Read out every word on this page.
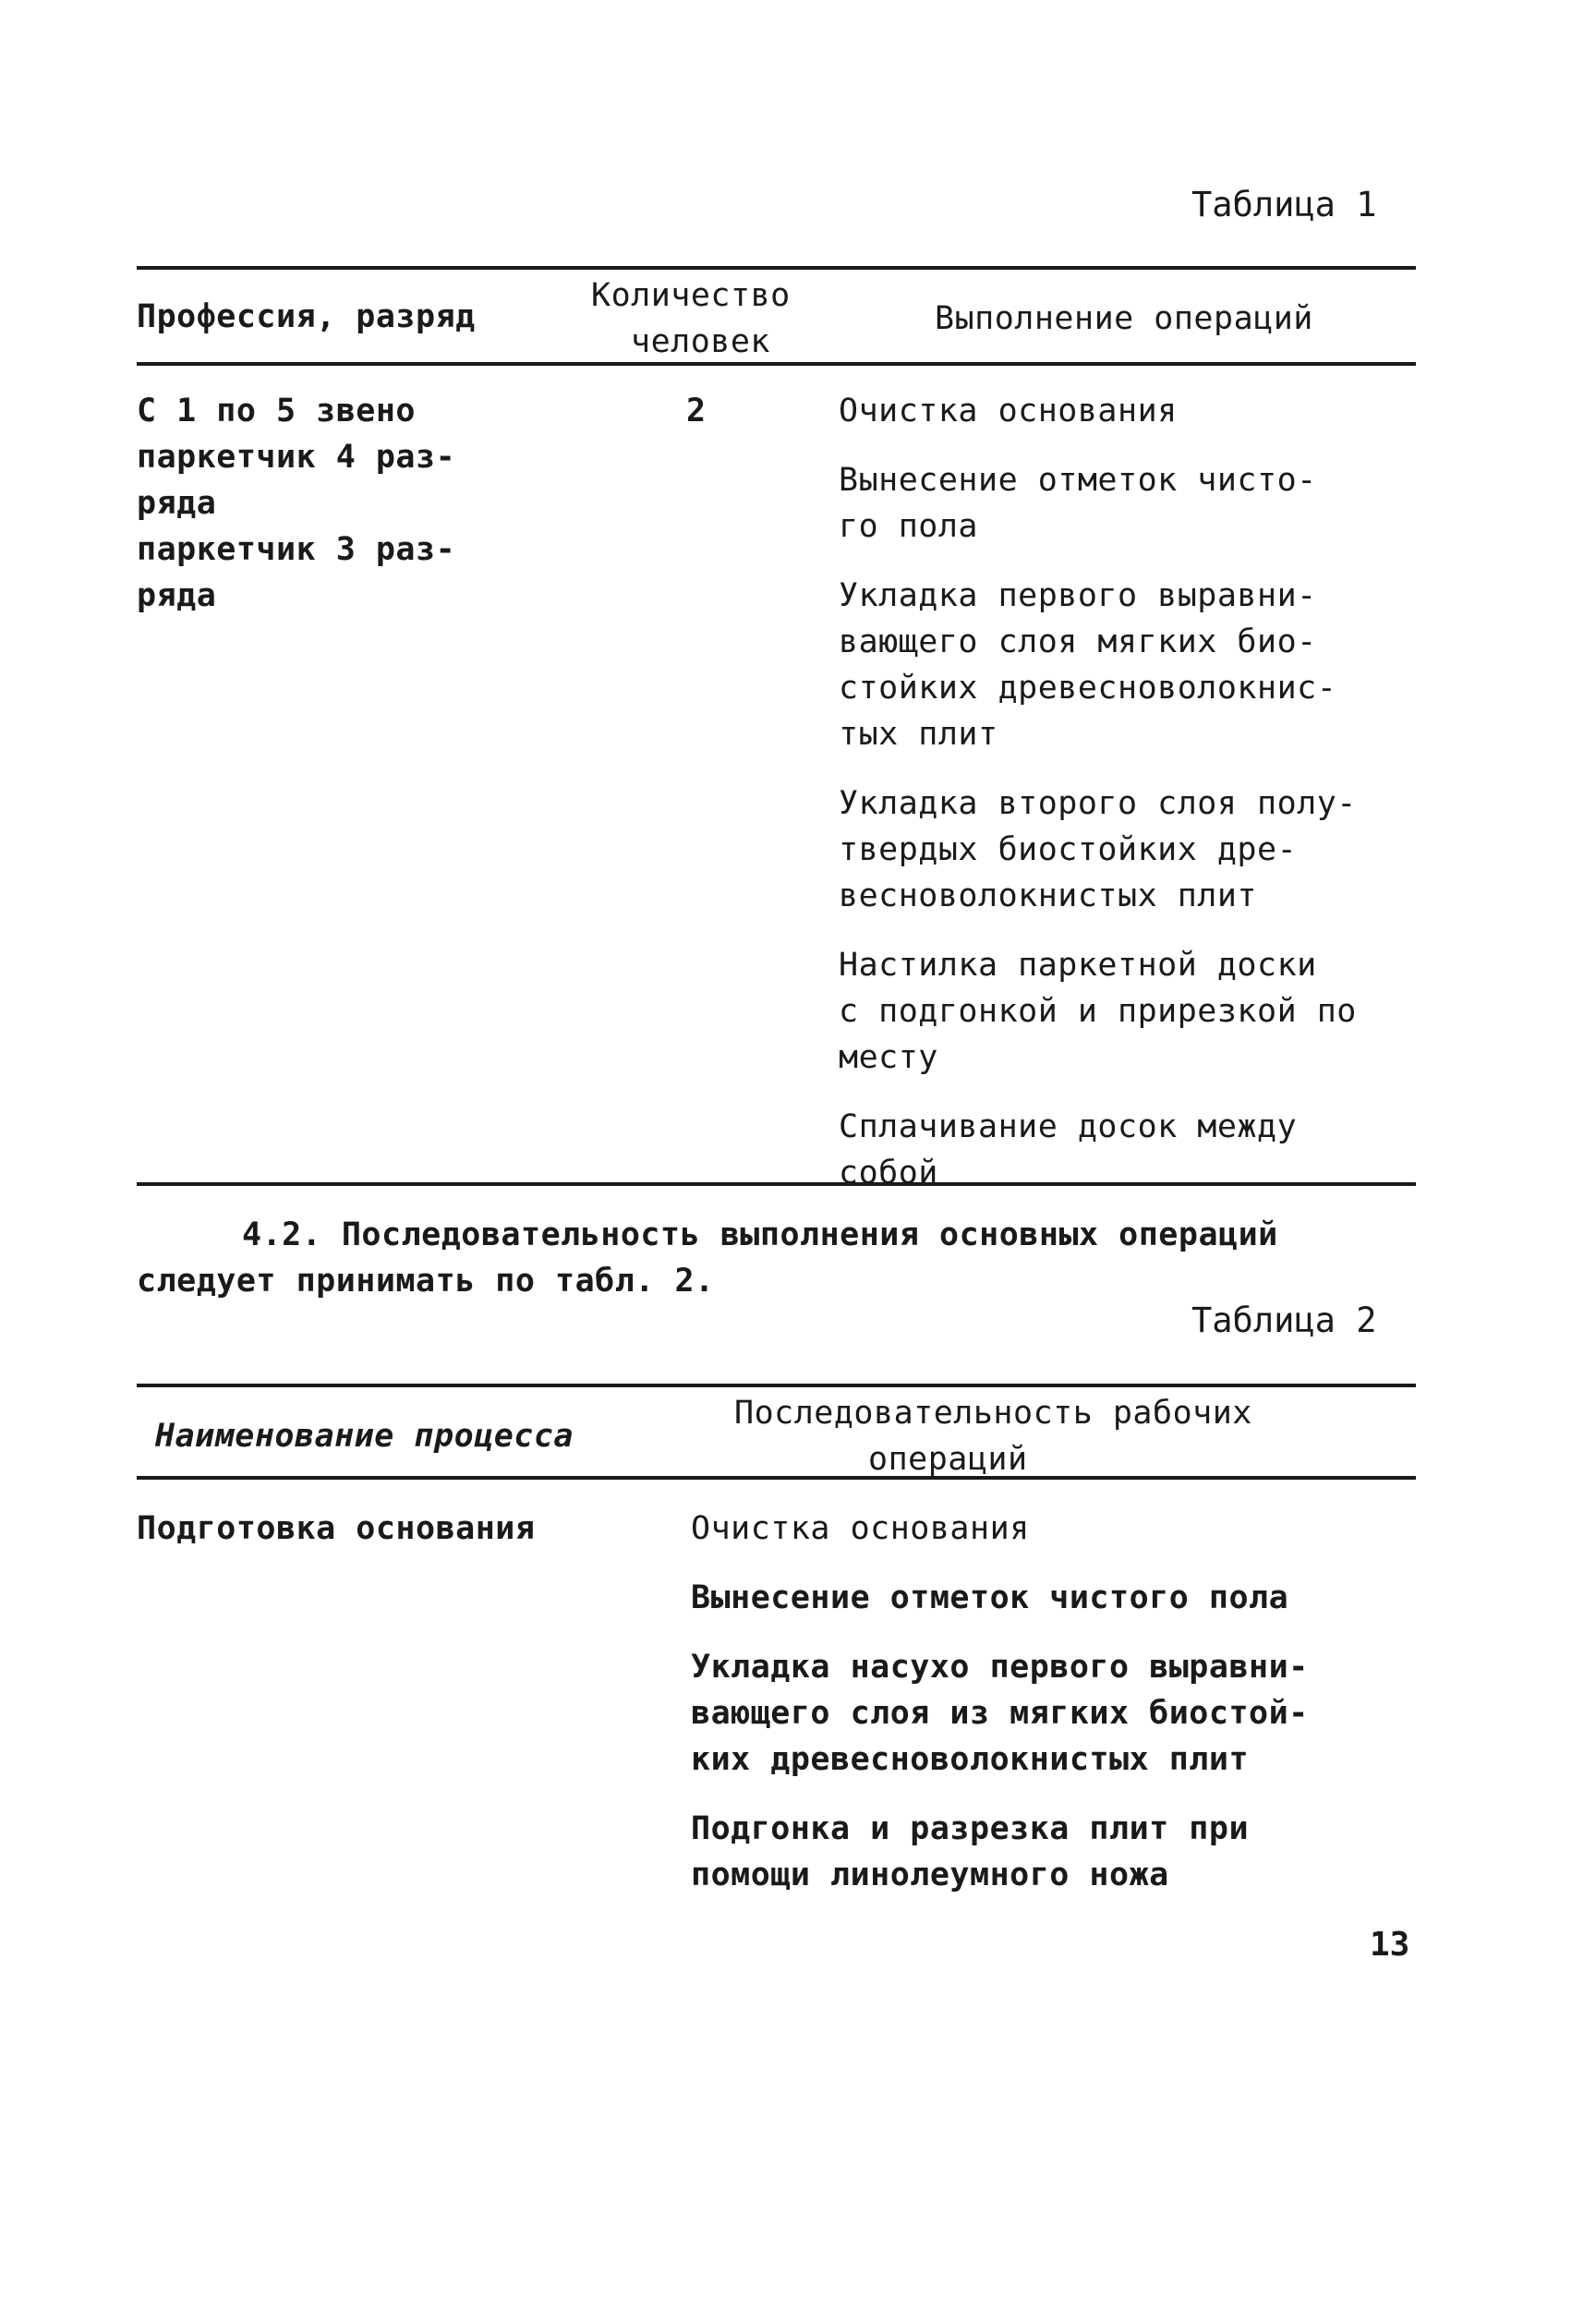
Таблица 1
Профессия, разряд
Количество
человек
Выполнение операций
С 1 по 5 звено
паркетчик 4 раз-
ряда
паркетчик 3 раз-
ряда
2	Очистка основания
Вынесение отметок чисто-
го пола
Укладка первого выравни-
вающего слоя мягких био-
стойких древесноволокнис-
тых плит
Укладка второго слоя полу-
твердых биостойких дре-
весноволокнистых плит
Настилка паркетной доски
с подгонкой и прирезкой по
месту
Сплачивание досок между
собой
4.2. Последовательность выполнения основных операций
следует принимать по табл. 2.
Таблица 2
Наименование процесса
Последовательность рабочих
операций
Подготовка основания	Очистка основания
Вынесение отметок чистого пола
Укладка насухо первого выравни-
вающего слоя из мягких биостой-
ких древесноволокнистых плит
Подгонка и разрезка плит при
помощи линолеумного ножа
13
